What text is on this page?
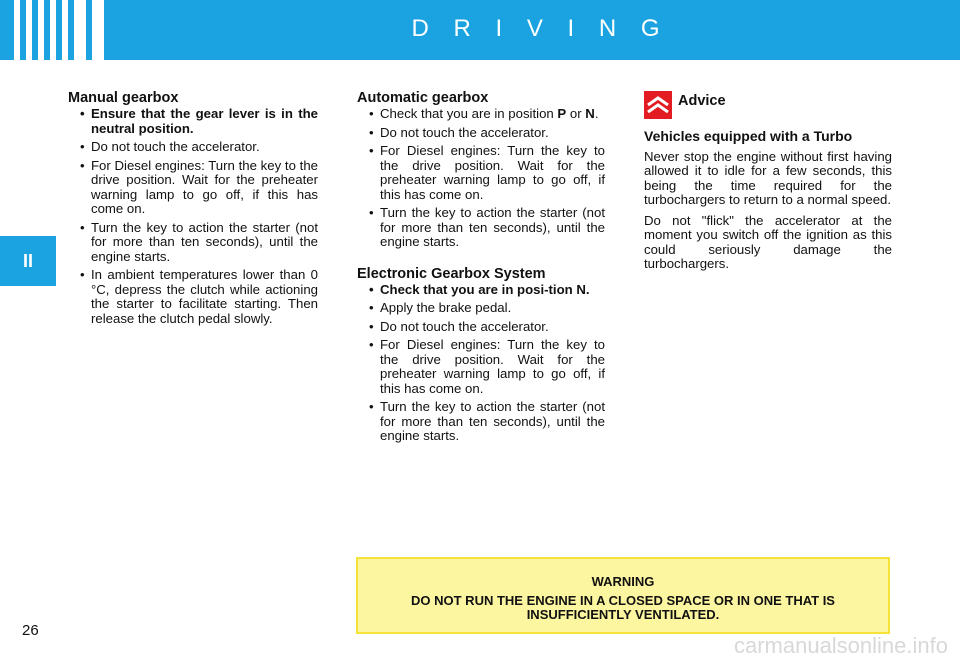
D R I V I N G
II
Manual gearbox
• Ensure that the gear lever is in the neutral position.
• Do not touch the accelerator.
• For Diesel engines: Turn the key to the drive position. Wait for the preheater warning lamp to go off, if this has come on.
• Turn the key to action the starter (not for more than ten seconds), until the engine starts.
• In ambient temperatures lower than 0 °C, depress the clutch while actioning the starter to facilitate starting. Then release the clutch pedal slowly.
Automatic gearbox
• Check that you are in position P or N.
• Do not touch the accelerator.
• For Diesel engines: Turn the key to the drive position. Wait for the preheater warning lamp to go off, if this has come on.
• Turn the key to action the starter (not for more than ten seconds), until the engine starts.
Electronic Gearbox System
• Check that you are in posi-tion N.
• Apply the brake pedal.
• Do not touch the accelerator.
• For Diesel engines: Turn the key to the drive position. Wait for the preheater warning lamp to go off, if this has come on.
• Turn the key to action the starter (not for more than ten seconds), until the engine starts.
Advice
Vehicles equipped with a Turbo

Never stop the engine without first having allowed it to idle for a few seconds, this being the time required for the turbochargers to return to a normal speed.

Do not "flick" the accelerator at the moment you switch off the ignition as this could seriously damage the turbochargers.

WARNING
DO NOT RUN THE ENGINE IN A CLOSED SPACE OR IN ONE THAT IS INSUFFICIENTLY VENTILATED.
26
carmanualsonline.info
